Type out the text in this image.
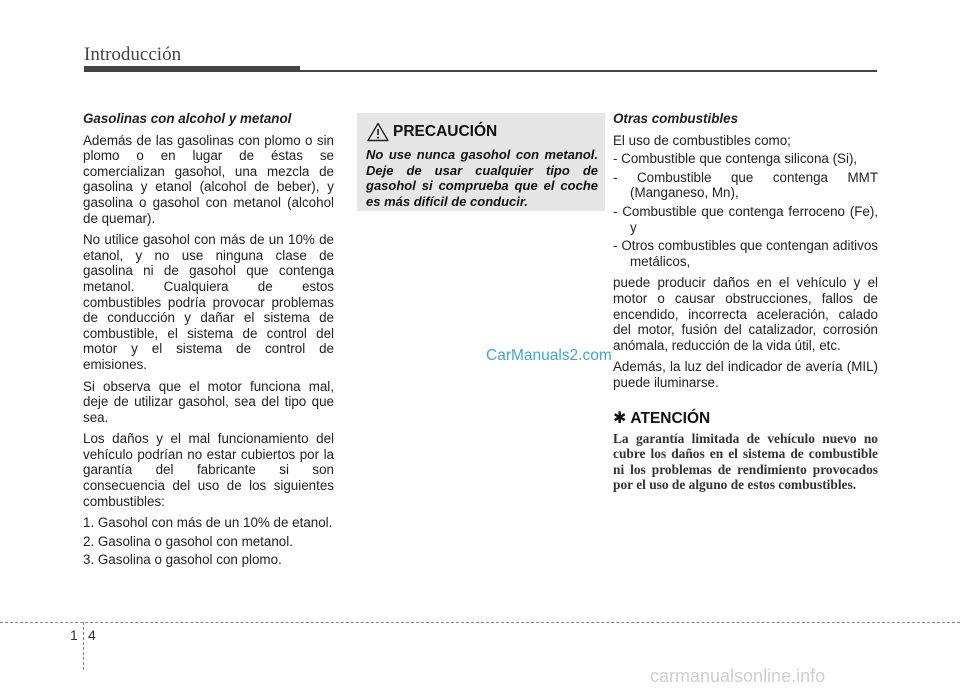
Introducción

Gasolinas con alcohol y metanol

Además de las gasolinas con plomo o sin plomo o en lugar de éstas se comercializan gasohol, una mezcla de gasolina y etanol (alcohol de beber), y gasolina o gasohol con metanol (alcohol de quemar).

No utilice gasohol con más de un 10% de etanol, y no use ninguna clase de gasolina ni de gasohol que contenga metanol. Cualquiera de estos combustibles podría provocar problemas de conducción y dañar el sistema de combustible, el sistema de control del motor y el sistema de control de emisiones.

Si observa que el motor funciona mal, deje de utilizar gasohol, sea del tipo que sea.

Los daños y el mal funcionamiento del vehículo podrían no estar cubiertos por la garantía del fabricante si son consecuencia del uso de los siguientes combustibles:

1. Gasohol con más de un 10% de etanol.
2. Gasolina o gasohol con metanol.
3. Gasolina o gasohol con plomo.
PRECAUCIÓN

No use nunca gasohol con metanol. Deje de usar cualquier tipo de gasohol si comprueba que el coche es más difícil de conducir.

CarManuals2.com

Otras combustibles

El uso de combustibles como;

- Combustible que contenga silicona (Si),
- Combustible que contenga MMT (Manganeso, Mn),
- Combustible que contenga ferroceno (Fe), y
- Otros combustibles que contengan aditivos metálicos,

puede producir daños en el vehículo y el motor o causar obstrucciones, fallos de encendido, incorrecta aceleración, calado del motor, fusión del catalizador, corrosión anómala, reducción de la vida útil, etc.

Además, la luz del indicador de avería (MIL) puede iluminarse.

✱ ATENCIÓN

La garantía limitada de vehículo nuevo no cubre los daños en el sistema de combustible ni los problemas de rendimiento provocados por el uso de alguno de estos combustibles.

1 4
carmanualsonline.info
